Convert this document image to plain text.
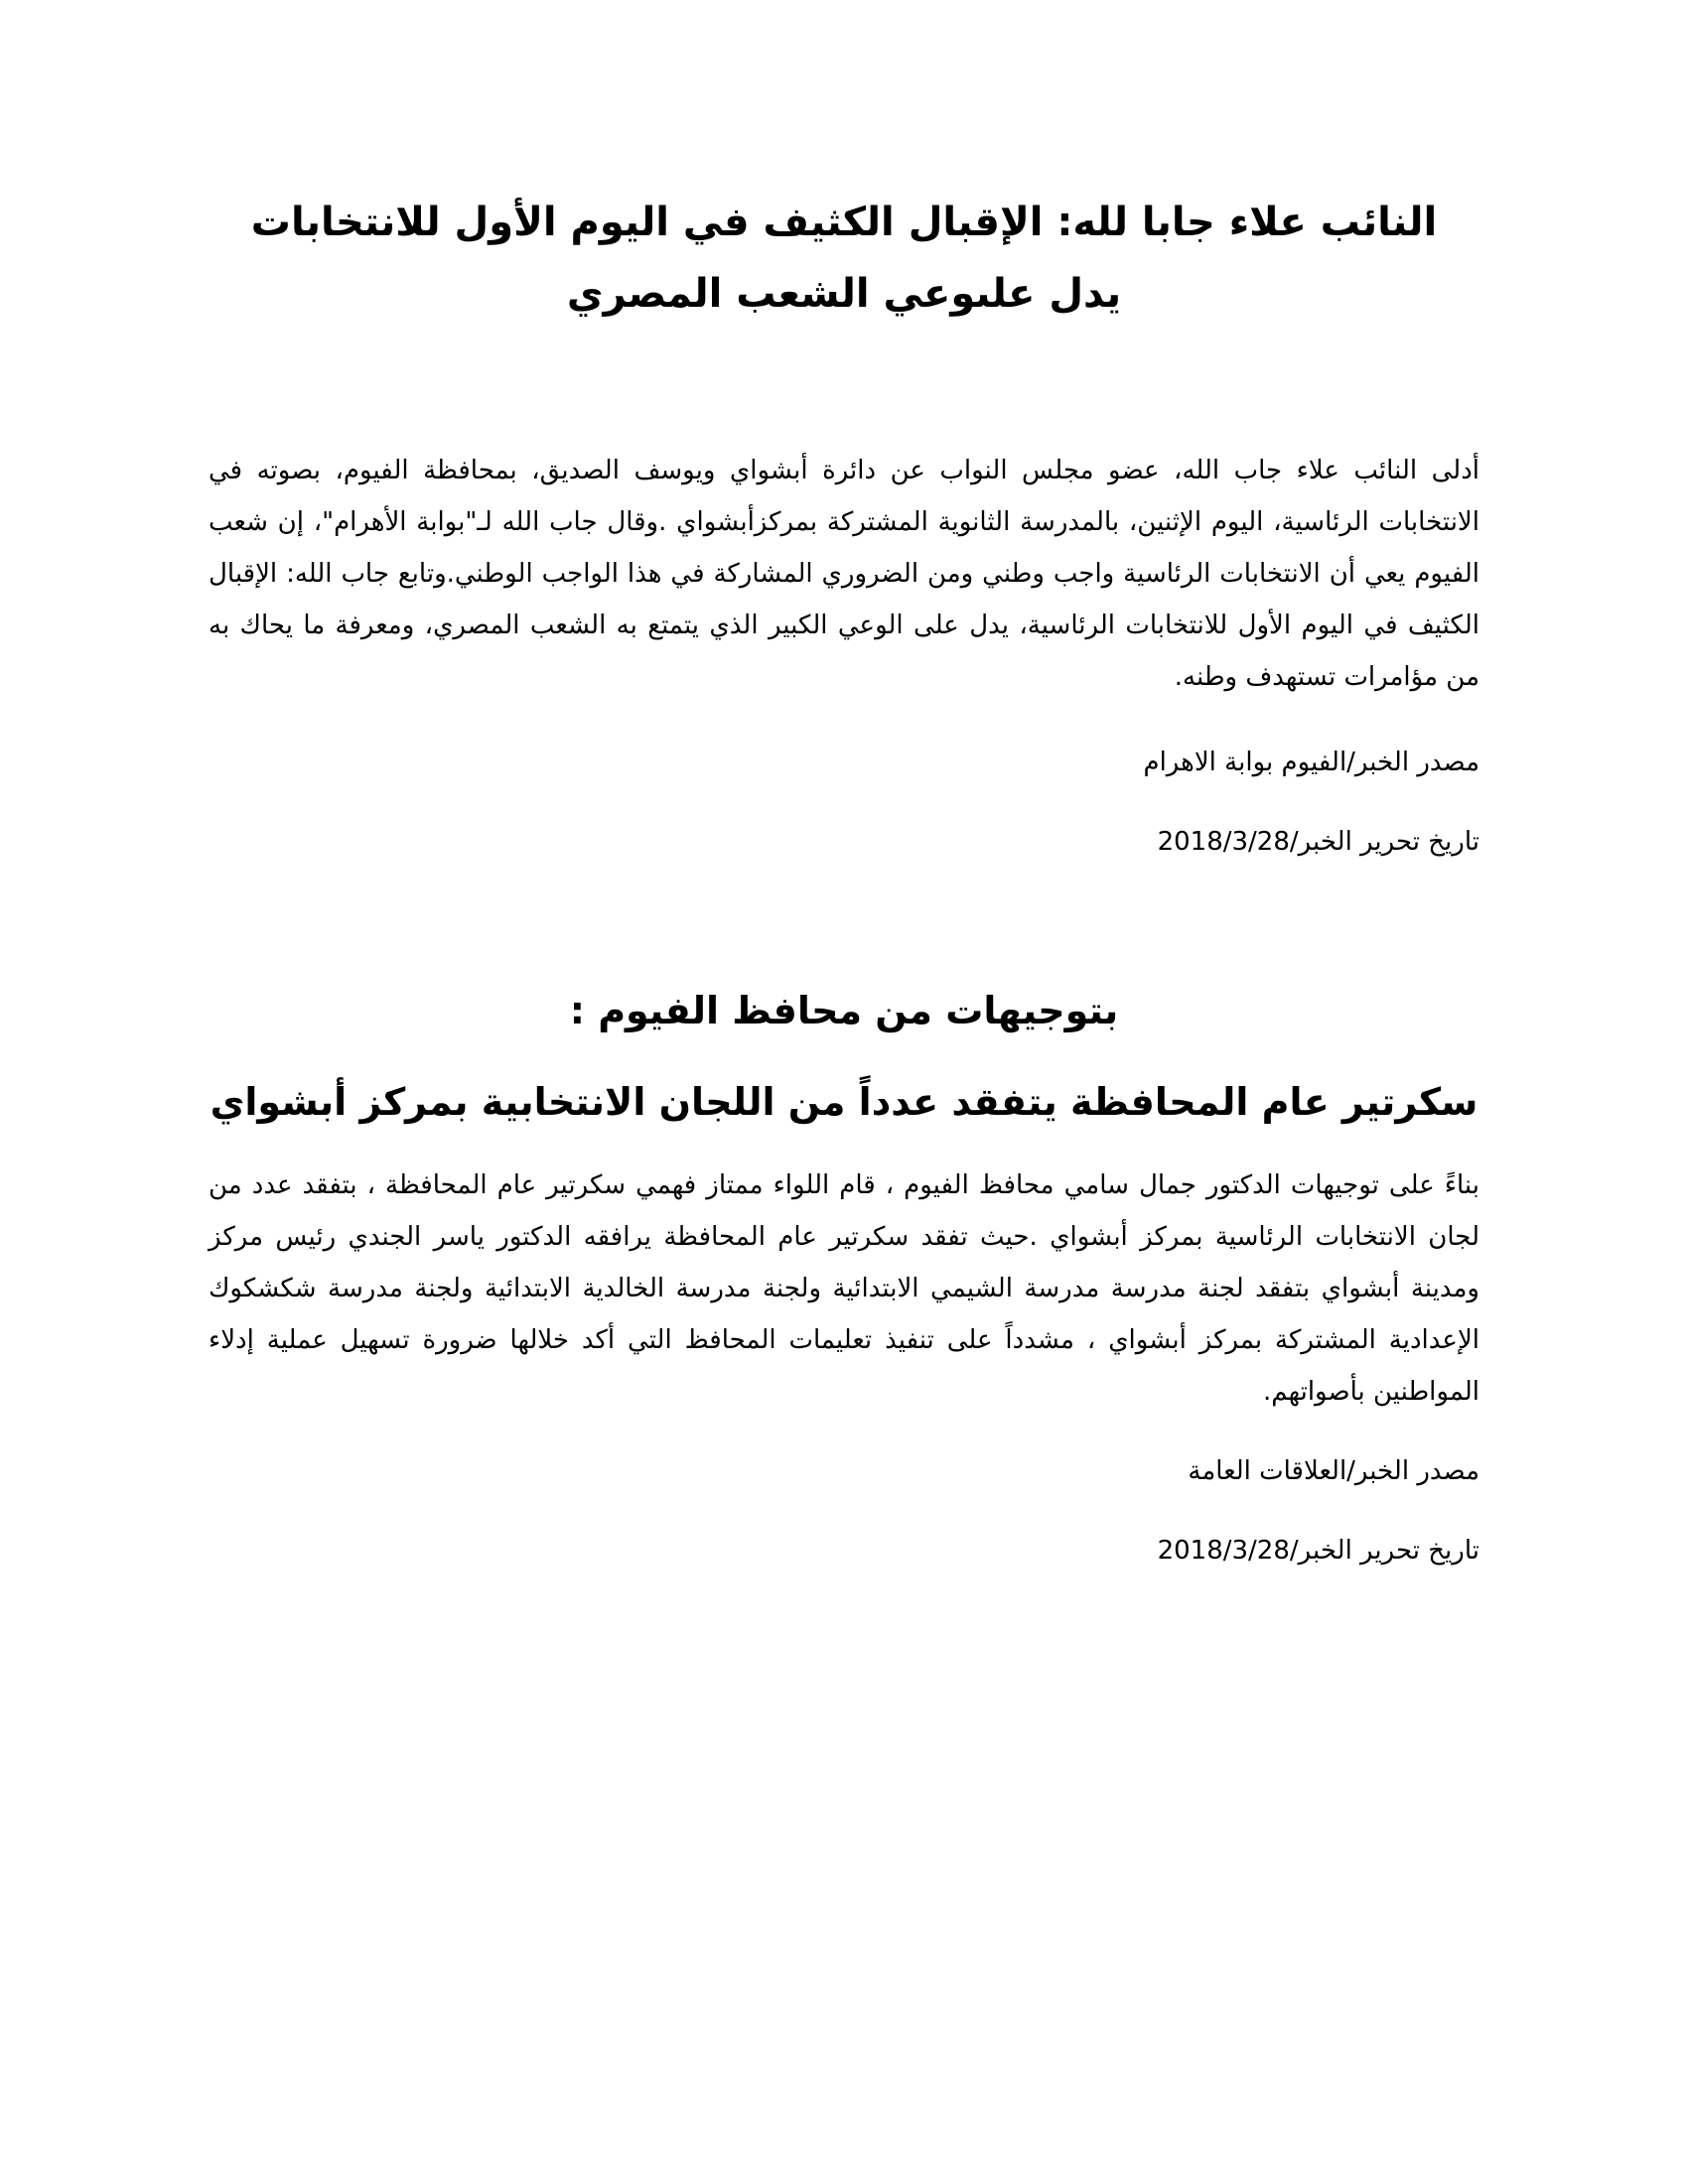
النائب علاء جابا لله: الإقبال الكثيف في اليوم الأول للانتخابات يدل علىوعي الشعب المصري

أدلى النائب علاء جاب الله، عضو مجلس النواب عن دائرة أبشواي ويوسف الصديق، بمحافظة الفيوم، بصوته في الانتخابات الرئاسية، اليوم الإثنين، بالمدرسة الثانوية المشتركة بمركزأبشواي .وقال جاب الله لـ"بوابة الأهرام"، إن شعب الفيوم يعي أن الانتخابات الرئاسية واجب وطني ومن الضروري المشاركة في هذا الواجب الوطني.وتابع جاب الله: الإقبال الكثيف في اليوم الأول للانتخابات الرئاسية، يدل على الوعي الكبير الذي يتمتع به الشعب المصري، ومعرفة ما يحاك به من مؤامرات تستهدف وطنه.

مصدر الخبر/الفيوم بوابة الاهرام

تاريخ تحرير الخبر/2018/3/28

بتوجيهات من محافظ الفيوم :
سكرتير عام المحافظة يتفقد عدداً من اللجان الانتخابية بمركز أبشواي

بناءً على توجيهات الدكتور جمال سامي محافظ الفيوم ، قام اللواء ممتاز فهمي سكرتير عام المحافظة ، بتفقد عدد من لجان الانتخابات الرئاسية بمركز أبشواي .حيث تفقد سكرتير عام المحافظة يرافقه الدكتور ياسر الجندي رئيس مركز ومدينة أبشواي بتفقد لجنة مدرسة مدرسة الشيمي الابتدائية ولجنة مدرسة الخالدية الابتدائية ولجنة مدرسة شكشكوك الإعدادية المشتركة بمركز أبشواي ، مشدداً على تنفيذ تعليمات المحافظ التي أكد خلالها ضرورة تسهيل عملية إدلاء المواطنين بأصواتهم.

مصدر الخبر/العلاقات العامة

تاريخ تحرير الخبر/2018/3/28
